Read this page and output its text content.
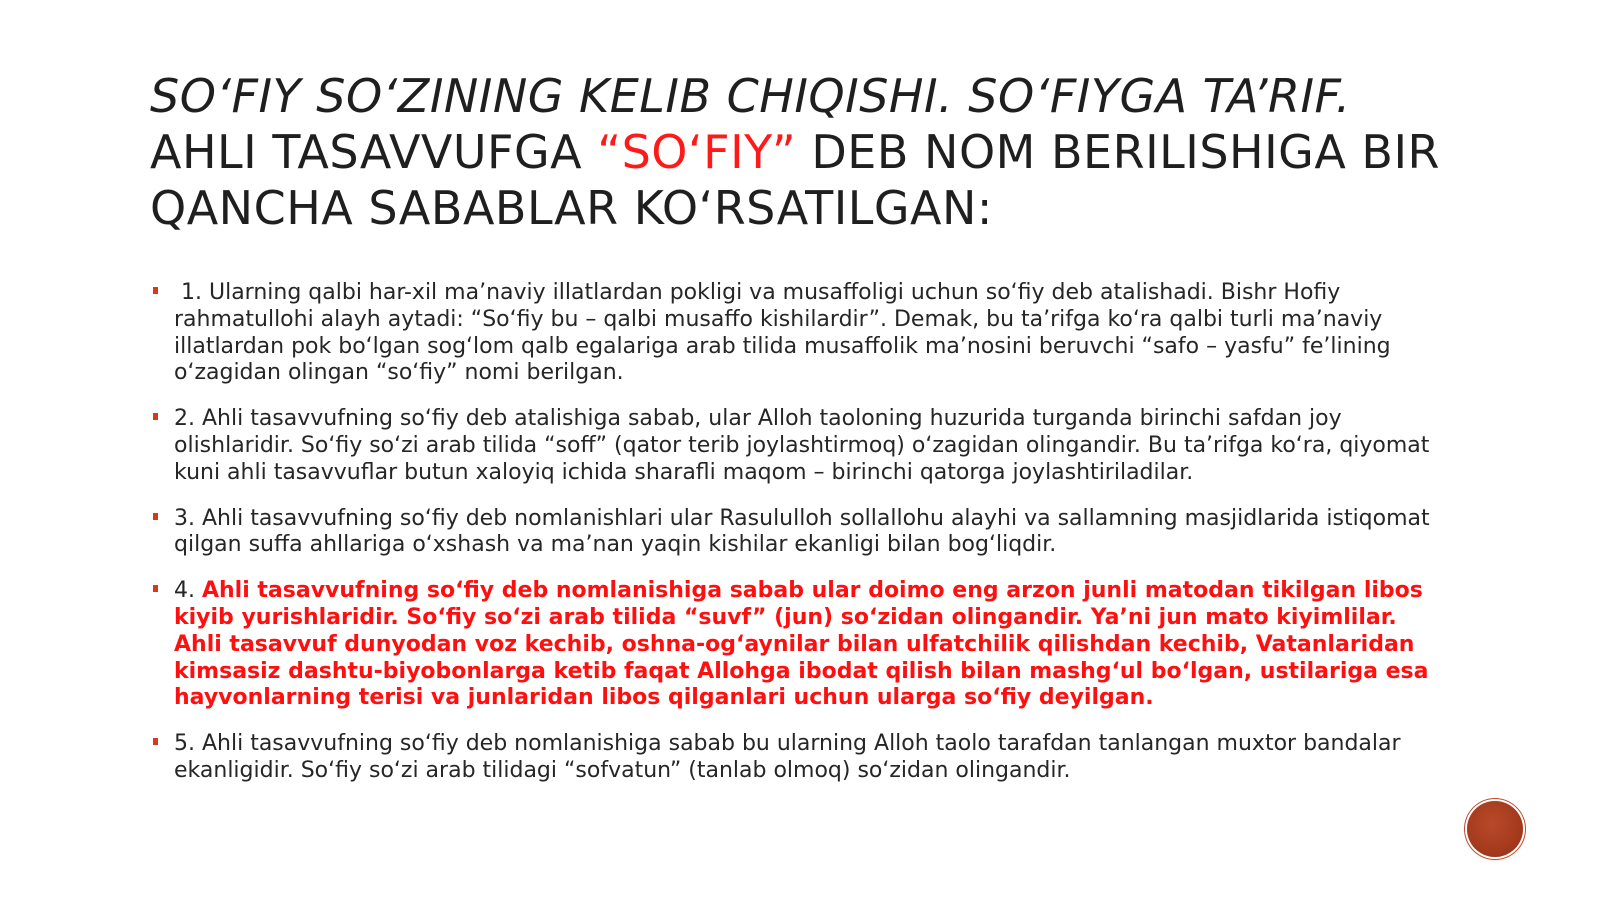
SO‘FIY SO‘ZINING KELIB CHIQISHI. SO‘FIYGA TA’RIF.
AHLI TASAVVUFGA “SO‘FIY” DEB NOM BERILISHIGA BIR QANCHA SABABLAR KO‘RSATILGAN:
1. Ularning qalbi har-xil ma’naviy illatlardan pokligi va musaffoligi uchun so‘fiy deb atalishadi. Bishr Hofiy rahmatullohi alayh aytadi: “So‘fiy bu – qalbi musaffo kishilardir”. Demak, bu ta’rifga ko‘ra qalbi turli ma’naviy illatlardan pok bo‘lgan sog‘lom qalb egalariga arab tilida musaffolik ma’nosini beruvchi “safo – yasfu” fe’lining o‘zagidan olingan “so‘fiy” nomi berilgan.
2. Ahli tasavvufning so‘fiy deb atalishiga sabab, ular Alloh taoloning huzurida turganda birinchi safdan joy olishlaridir. So‘fiy so‘zi arab tilida “soff” (qator terib joylashtirmoq) o‘zagidan olingandir. Bu ta’rifga ko‘ra, qiyomat kuni ahli tasavvuflar butun xaloyiq ichida sharafli maqom – birinchi qatorga joylashtiriladilar.
3. Ahli tasavvufning so‘fiy deb nomlanishlari ular Rasululloh sollallohu alayhi va sallamning masjidlarida istiqomat qilgan suffa ahllariga o‘xshash va ma’nan yaqin kishilar ekanligi bilan bog‘liqdir.
4. Ahli tasavvufning so‘fiy deb nomlanishiga sabab ular doimo eng arzon junli matodan tikilgan libos kiyib yurishlaridir. So‘fiy so‘zi arab tilida “suvf” (jun) so‘zidan olingandir. Ya’ni jun mato kiyimlilar. Ahli tasavvuf dunyodan voz kechib, oshna-og‘aynilar bilan ulfatchilik qilishdan kechib, Vatanlaridan kimsasiz dashtu-biyobonlarga ketib faqat Allohga ibodat qilish bilan mashg‘ul bo‘lgan, ustilariga esa hayvonlarning terisi va junlaridan libos qilganlari uchun ularga so‘fiy deyilgan.
5. Ahli tasavvufning so‘fiy deb nomlanishiga sabab bu ularning Alloh taolo tarafdan tanlangan muxtor bandalar ekanligidir. So‘fiy so‘zi arab tilidagi “sofvatun” (tanlab olmoq) so‘zidan olingandir.
